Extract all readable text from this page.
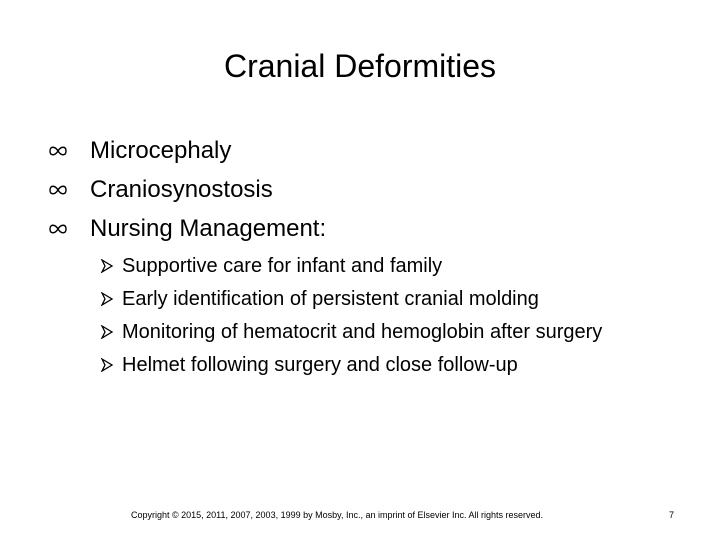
Cranial Deformities
Microcephaly
Craniosynostosis
Nursing Management:
Supportive care for infant and family
Early identification of persistent cranial molding
Monitoring of hematocrit and hemoglobin after surgery
Helmet following surgery and close follow-up
Copyright © 2015, 2011, 2007, 2003, 1999 by Mosby, Inc., an imprint of Elsevier Inc. All rights reserved.	7
